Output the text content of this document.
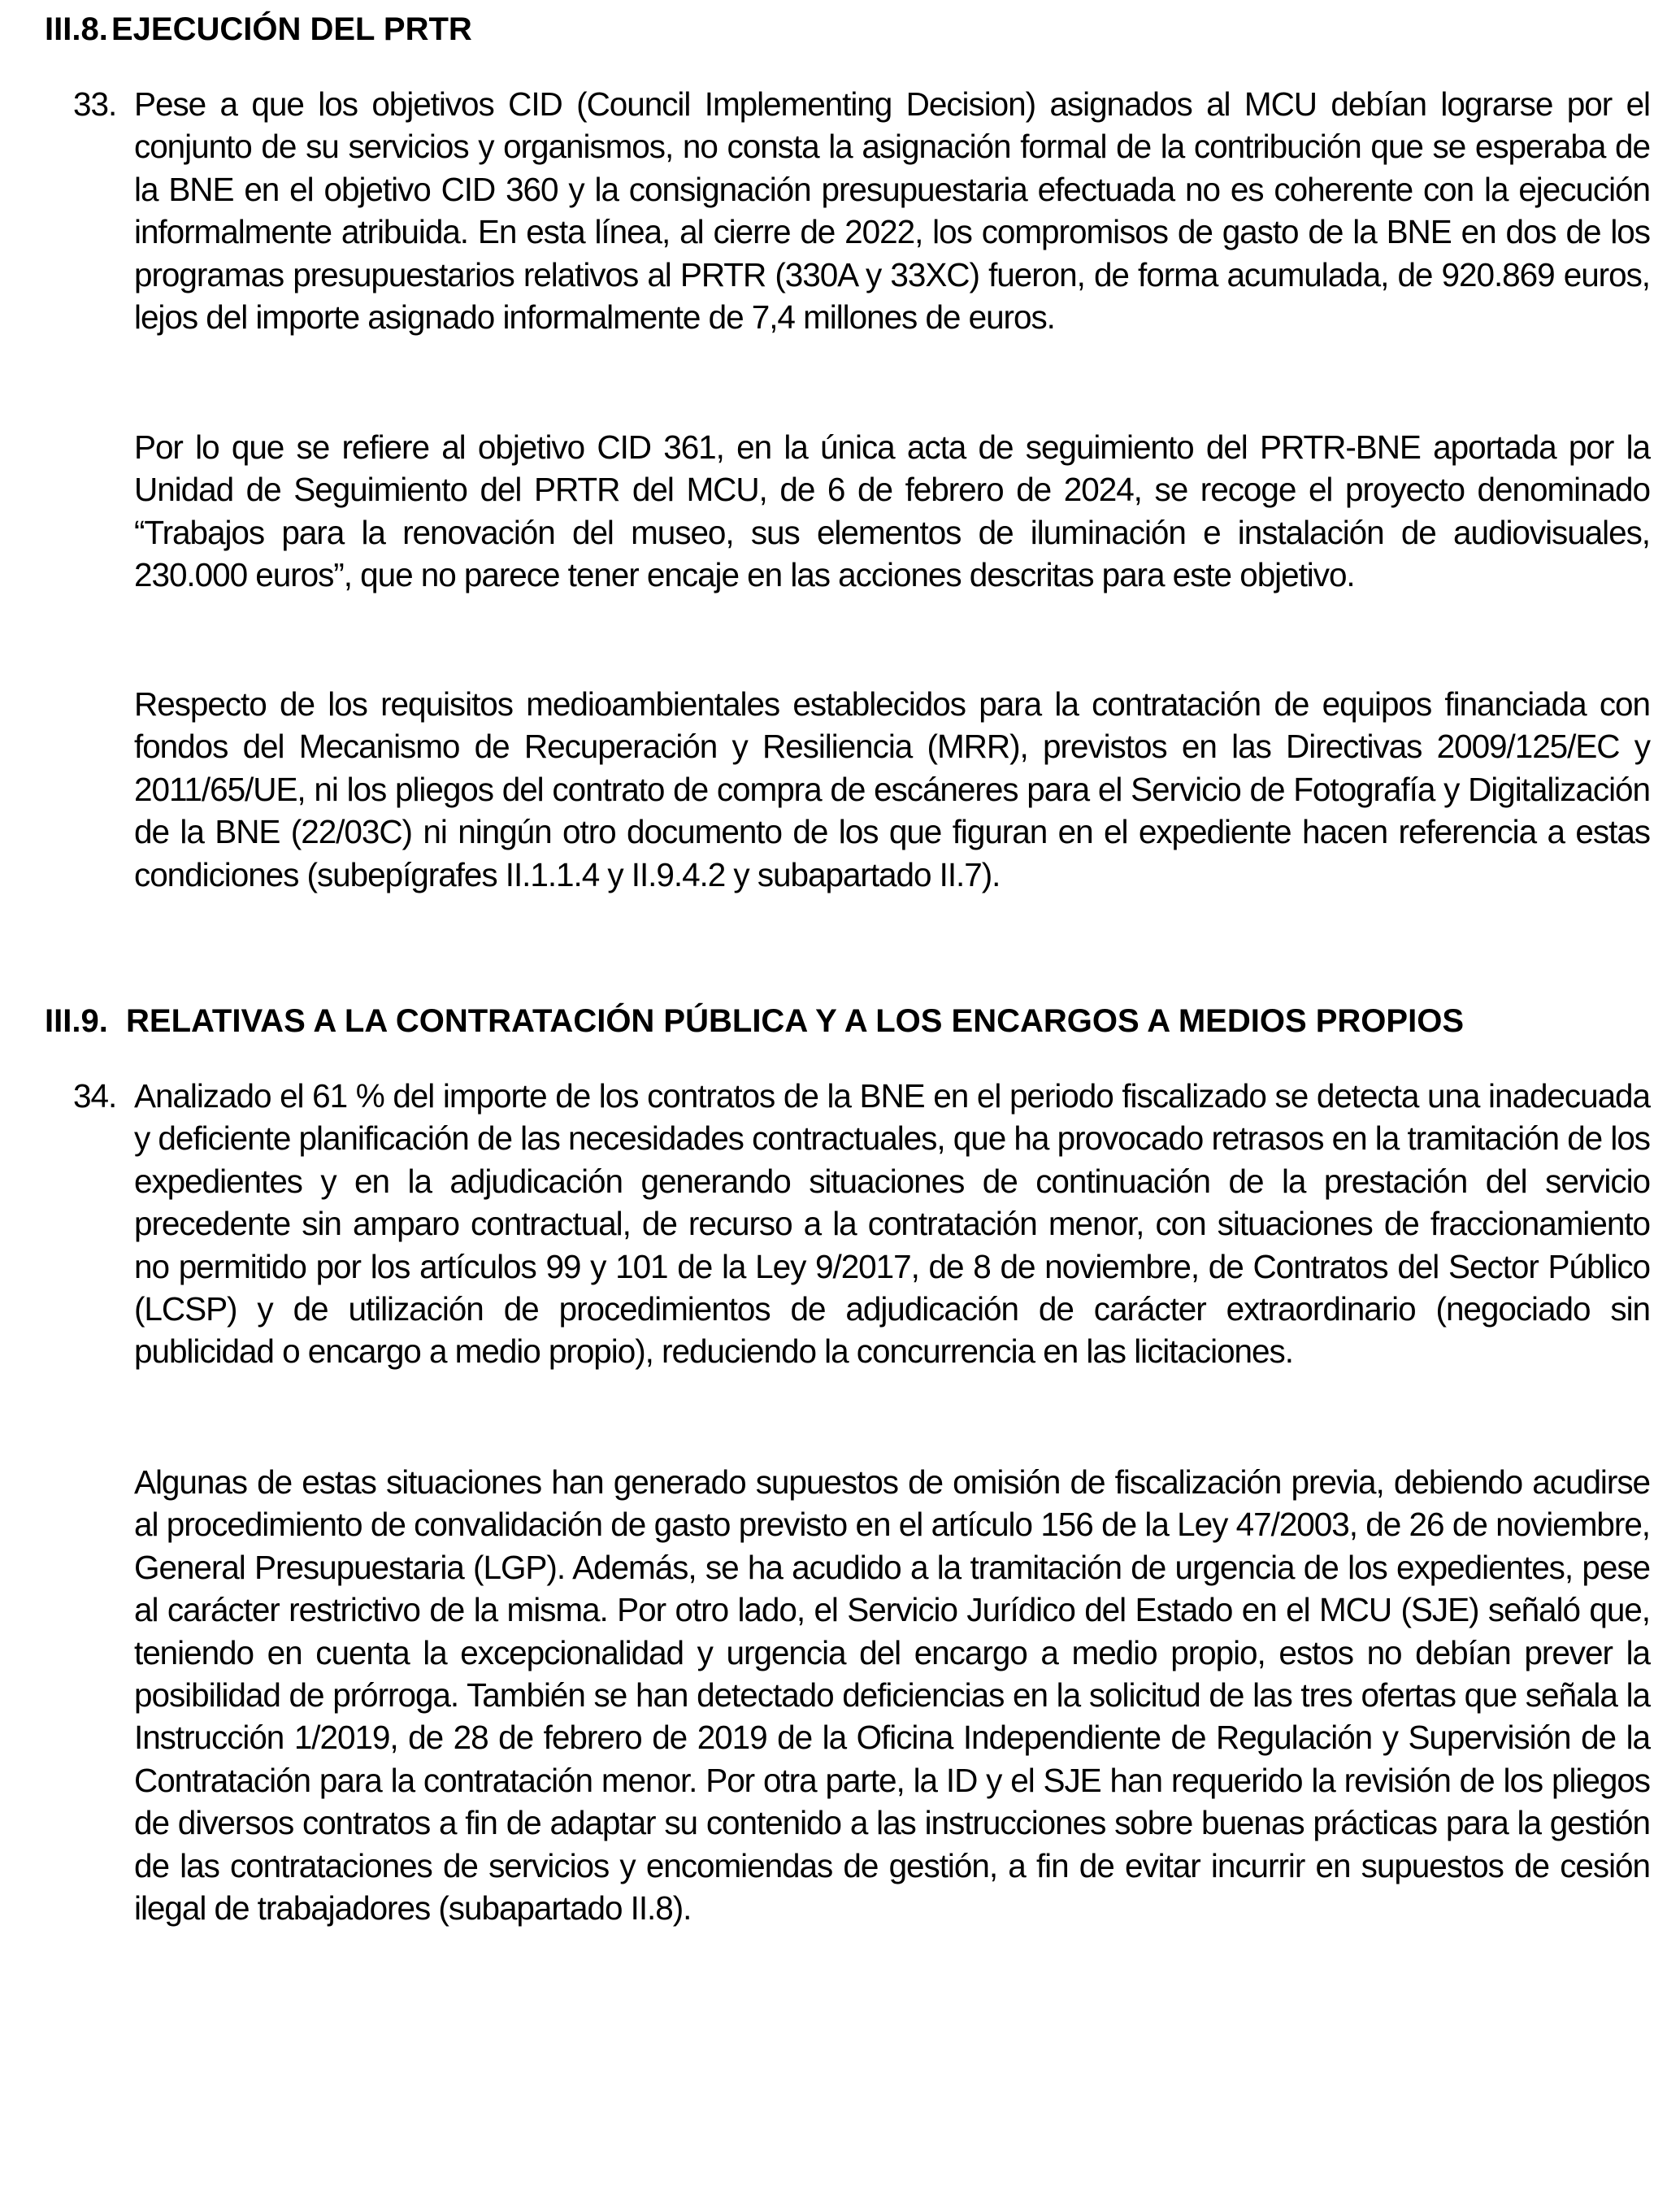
III.8. EJECUCIÓN DEL PRTR
33. Pese a que los objetivos CID (Council Implementing Decision) asignados al MCU debían lograrse por el conjunto de su servicios y organismos, no consta la asignación formal de la contribución que se esperaba de la BNE en el objetivo CID 360 y la consignación presupuestaria efectuada no es coherente con la ejecución informalmente atribuida. En esta línea, al cierre de 2022, los compromisos de gasto de la BNE en dos de los programas presupuestarios relativos al PRTR (330A y 33XC) fueron, de forma acumulada, de 920.869 euros, lejos del importe asignado informalmente de 7,4 millones de euros.

Por lo que se refiere al objetivo CID 361, en la única acta de seguimiento del PRTR-BNE aportada por la Unidad de Seguimiento del PRTR del MCU, de 6 de febrero de 2024, se recoge el proyecto denominado “Trabajos para la renovación del museo, sus elementos de iluminación e instalación de audiovisuales, 230.000 euros”, que no parece tener encaje en las acciones descritas para este objetivo.

Respecto de los requisitos medioambientales establecidos para la contratación de equipos financiada con fondos del Mecanismo de Recuperación y Resiliencia (MRR), previstos en las Directivas 2009/125/EC y 2011/65/UE, ni los pliegos del contrato de compra de escáneres para el Servicio de Fotografía y Digitalización de la BNE (22/03C) ni ningún otro documento de los que figuran en el expediente hacen referencia a estas condiciones (subepígrafes II.1.1.4 y II.9.4.2 y subapartado II.7).

III.9. RELATIVAS A LA CONTRATACIÓN PÚBLICA Y A LOS ENCARGOS A MEDIOS PROPIOS
34. Analizado el 61 % del importe de los contratos de la BNE en el periodo fiscalizado se detecta una inadecuada y deficiente planificación de las necesidades contractuales, que ha provocado retrasos en la tramitación de los expedientes y en la adjudicación generando situaciones de continuación de la prestación del servicio precedente sin amparo contractual, de recurso a la contratación menor, con situaciones de fraccionamiento no permitido por los artículos 99 y 101 de la Ley 9/2017, de 8 de noviembre, de Contratos del Sector Público (LCSP) y de utilización de procedimientos de adjudicación de carácter extraordinario (negociado sin publicidad o encargo a medio propio), reduciendo la concurrencia en las licitaciones.

Algunas de estas situaciones han generado supuestos de omisión de fiscalización previa, debiendo acudirse al procedimiento de convalidación de gasto previsto en el artículo 156 de la Ley 47/2003, de 26 de noviembre, General Presupuestaria (LGP). Además, se ha acudido a la tramitación de urgencia de los expedientes, pese al carácter restrictivo de la misma. Por otro lado, el Servicio Jurídico del Estado en el MCU (SJE) señaló que, teniendo en cuenta la excepcionalidad y urgencia del encargo a medio propio, estos no debían prever la posibilidad de prórroga. También se han detectado deficiencias en la solicitud de las tres ofertas que señala la Instrucción 1/2019, de 28 de febrero de 2019 de la Oficina Independiente de Regulación y Supervisión de la Contratación para la contratación menor. Por otra parte, la ID y el SJE han requerido la revisión de los pliegos de diversos contratos a fin de adaptar su contenido a las instrucciones sobre buenas prácticas para la gestión de las contrataciones de servicios y encomiendas de gestión, a fin de evitar incurrir en supuestos de cesión ilegal de trabajadores (subapartado II.8).
